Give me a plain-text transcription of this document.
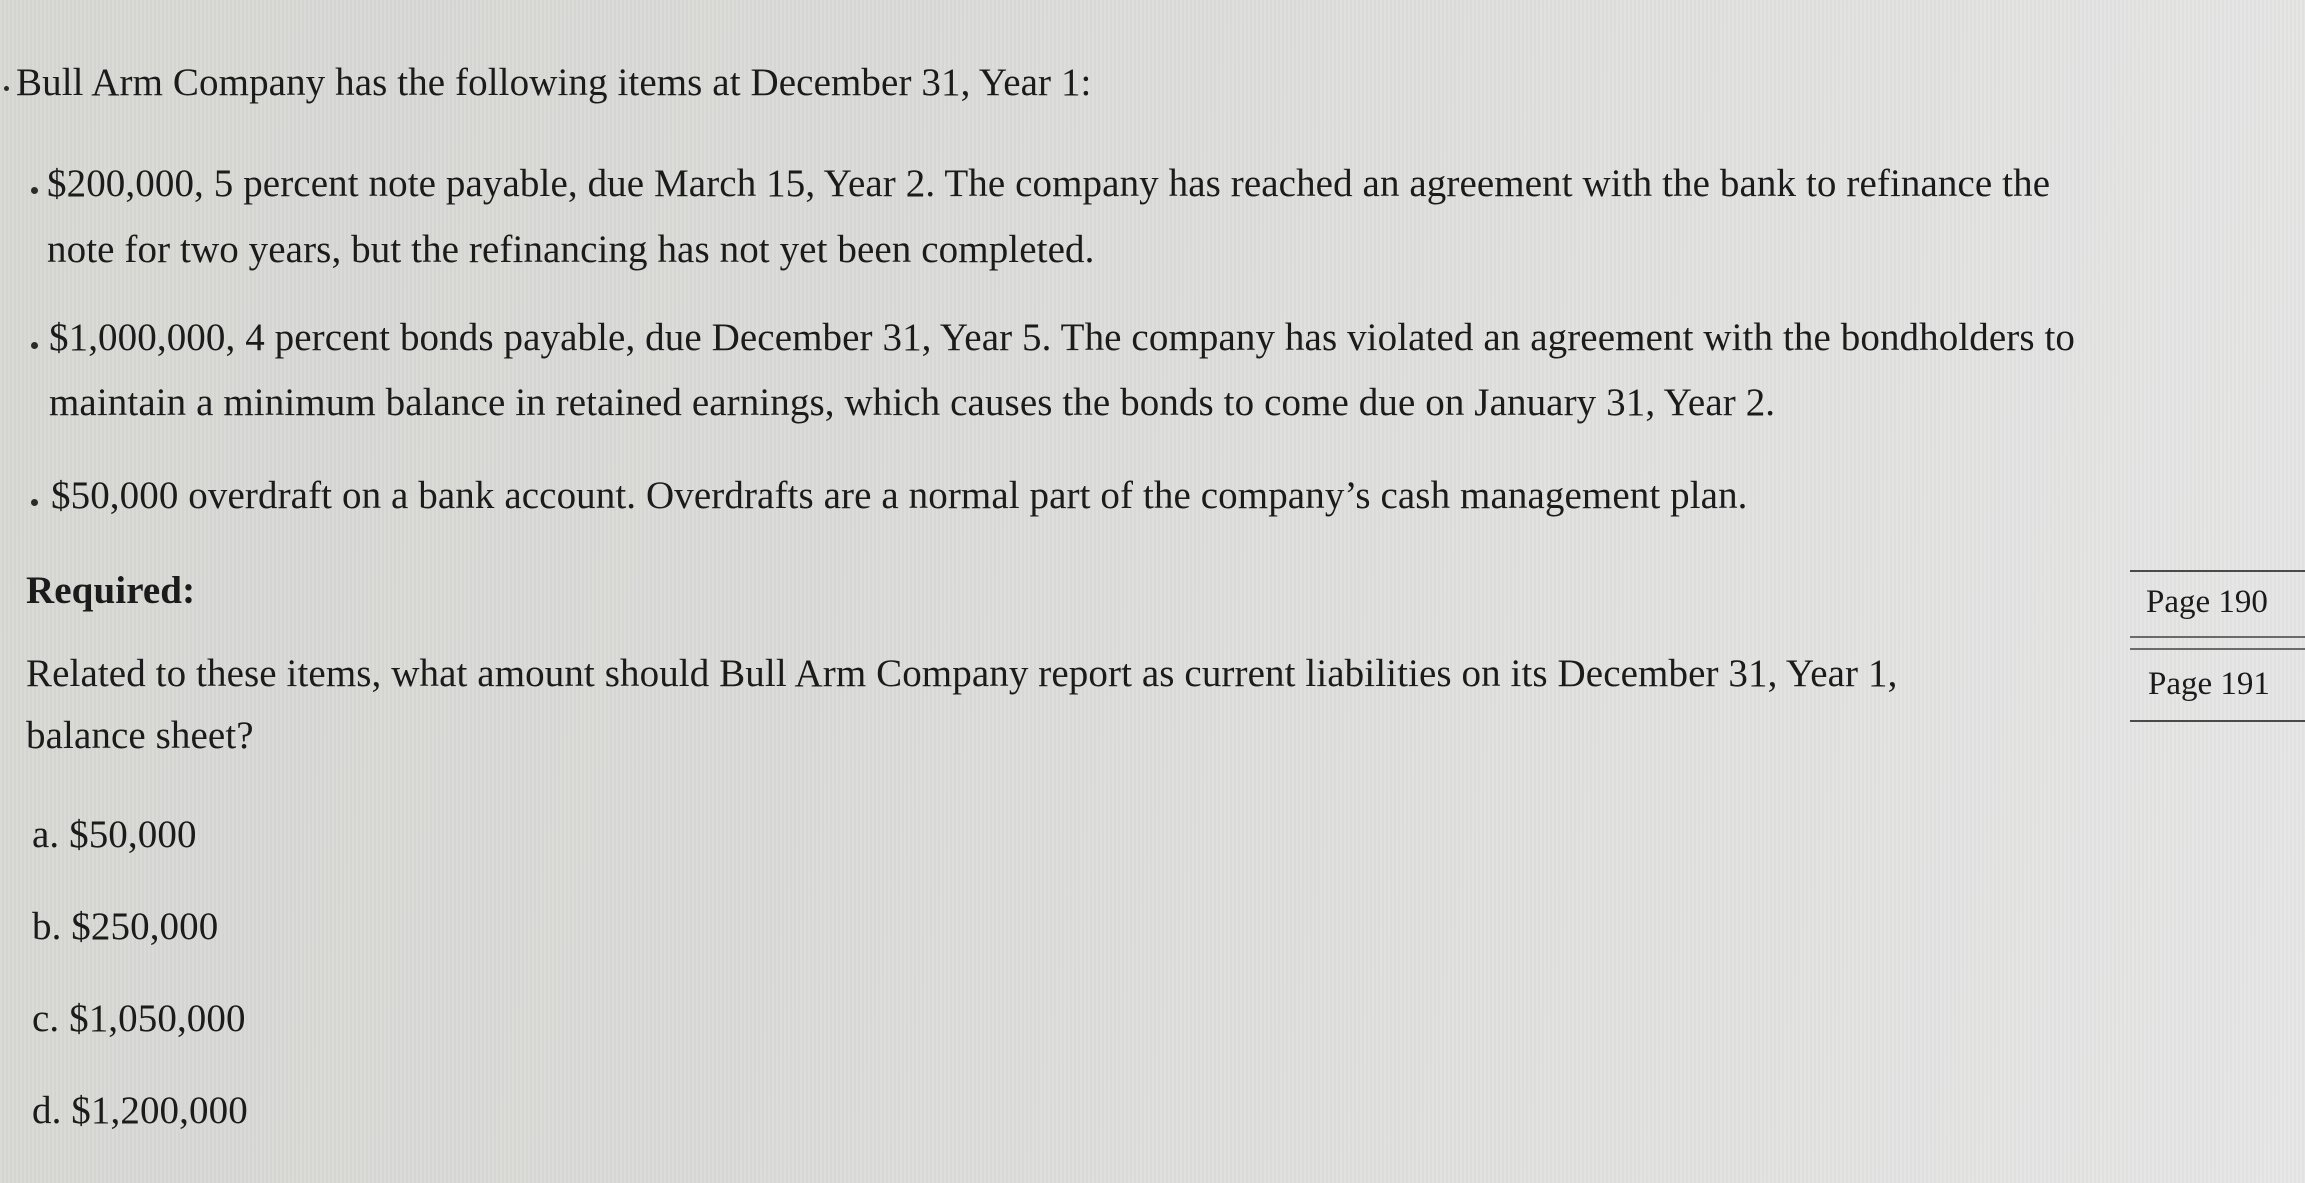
Bull Arm Company has the following items at December 31, Year 1:
$200,000, 5 percent note payable, due March 15, Year 2. The company has reached an agreement with the bank to refinance the
note for two years, but the refinancing has not yet been completed.
$1,000,000, 4 percent bonds payable, due December 31, Year 5. The company has violated an agreement with the bondholders to
maintain a minimum balance in retained earnings, which causes the bonds to come due on January 31, Year 2.
$50,000 overdraft on a bank account. Overdrafts are a normal part of the company’s cash management plan.
Required:
Related to these items, what amount should Bull Arm Company report as current liabilities on its December 31, Year 1,
balance sheet?
a. $50,000
b. $250,000
c. $1,050,000
d. $1,200,000
Page 190
Page 191
